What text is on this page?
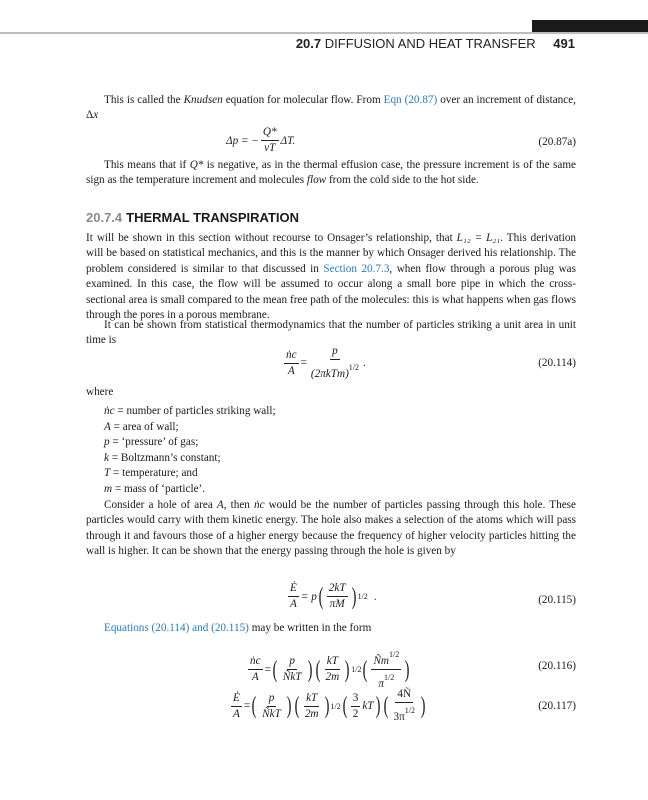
20.7 DIFFUSION AND HEAT TRANSFER 491
This is called the Knudsen equation for molecular flow. From Eqn (20.87) over an increment of distance, Δx
Δp = − $\frac{Q*}{vT} \Delta T$.	(20.87a)
This means that if Q* is negative, as in the thermal effusion case, the pressure increment is of the same sign as the temperature increment and molecules flow from the cold side to the hot side.
20.7.4 THERMAL TRANSPIRATION
It will be shown in this section without recourse to Onsager’s relationship, that L₁₂ = L₂₁. This derivation will be based on statistical mechanics, and this is the manner by which Onsager derived his relationship. The problem considered is similar to that discussed in Section 20.7.3, when flow through a porous plug was examined. In this case, the flow will be assumed to occur along a small bore pipe in which the cross-sectional area is small compared to the mean free path of the molecules: this is what happens when gas flows through the pores in a porous membrane.
It can be shown from statistical thermodynamics that the number of particles striking a unit area in unit time is
$\frac{\text{ṅc}}{A} = \frac{p}{(2\pi kTm)^{1/2}}$ .	(20.114)
where
ṅc = number of particles striking wall;
A = area of wall;
p = ‘pressure’ of gas;
k = Boltzmann’s constant;
T = temperature; and
m = mass of ‘particle’.
Consider a hole of area A, then ṅc would be the number of particles passing through this hole. These particles would carry with them kinetic energy. The hole also makes a selection of the atoms which will pass through it and favours those of a higher energy because the frequency of higher velocity particles hitting the wall is higher. It can be shown that the energy passing through the hole is given by
$\frac{Ė}{A} = p$ ( $\frac{2kT}{\pi M}$ ) 1/2 .	(20.115)
Equations (20.114) and (20.115) may be written in the form
$\frac{\text{ṅc}}{A}$ = ( $\frac{p}{\text{ÑkT}}$ ) ( $\frac{kT}{2m}$ ) 1/2 ( $\frac{Ñm^{1/2}}{\pi^{1/2}}$ )	(20.116)
$\frac{Ė}{A}$ = ( $\frac{p}{\text{ÑkT}}$ ) ( $\frac{kT}{2m}$ ) 1/2 ( $\frac{3}{2}$ kT ) ( $\frac{4Ñ}{3\pi^{1/2}}$ )	(20.117)
